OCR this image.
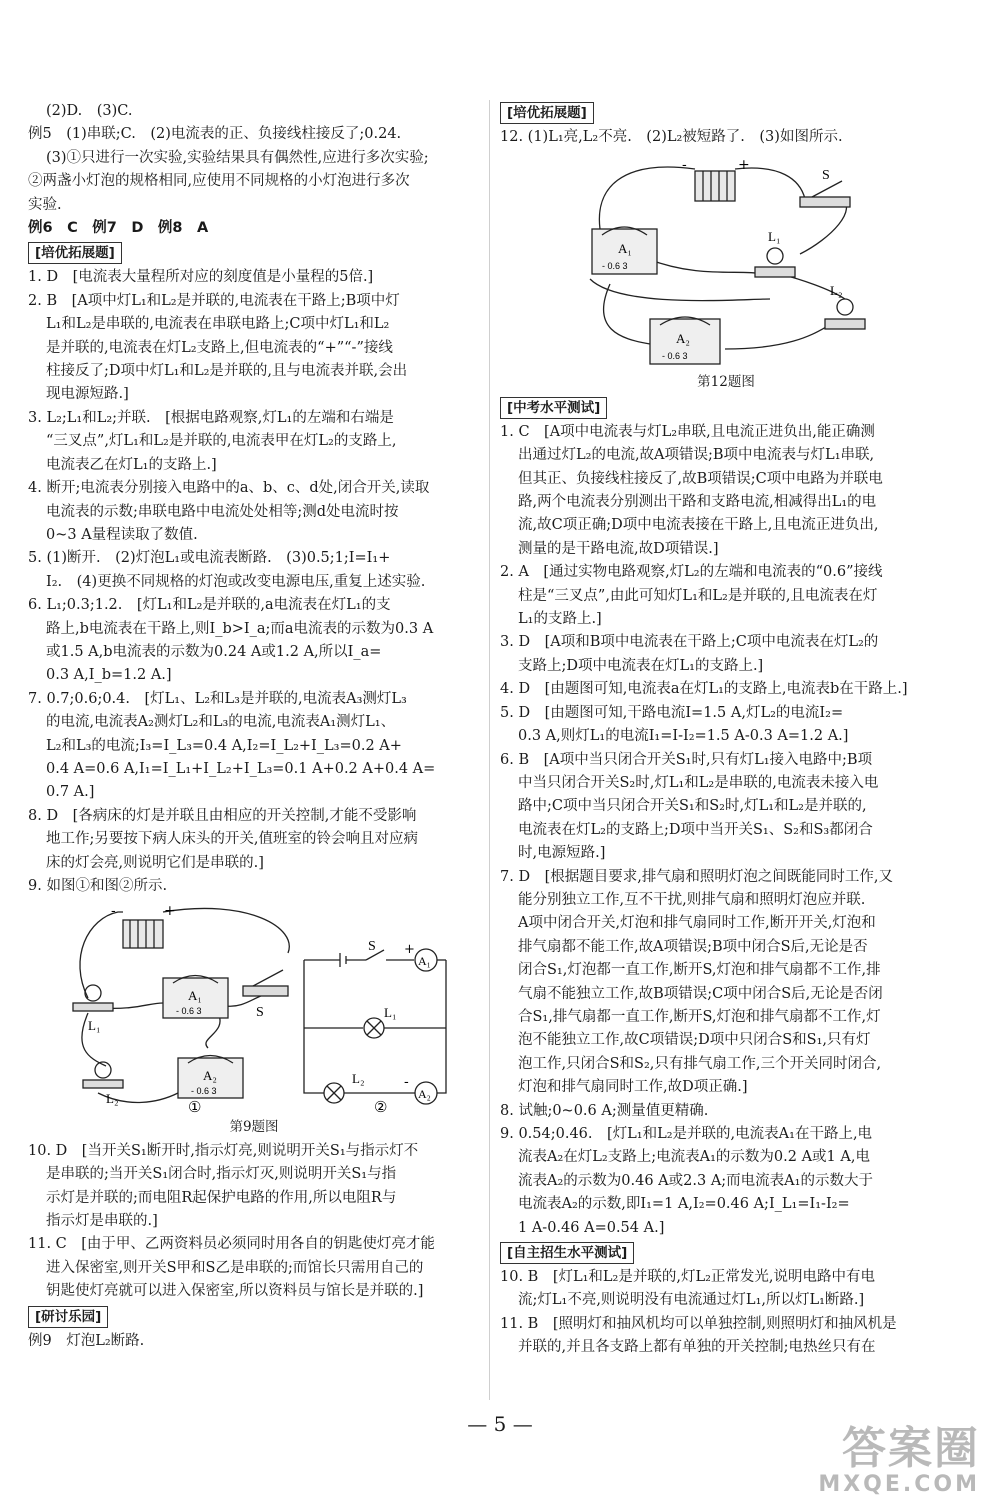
(2)D.　(3)C.
例5　(1)串联;C.　(2)电流表的正、负接线柱接反了;0.24.
(3)①只进行一次实验,实验结果具有偶然性,应进行多次实验;
②两盏小灯泡的规格相同,应使用不同规格的小灯泡进行多次
实验.
例6　C　例7　D　例8　A
[培优拓展题]
1. D　[电流表大量程所对应的刻度值是小量程的5倍.]
2. B　[A项中灯L₁和L₂是并联的,电流表在干路上;B项中灯
L₁和L₂是串联的,电流表在串联电路上;C项中灯L₁和L₂
是并联的,电流表在灯L₂支路上,但电流表的“+”“-”接线
柱接反了;D项中灯L₁和L₂是并联的,且与电流表并联,会出
现电源短路.]
3. L₂;L₁和L₂;并联.　[根据电路观察,灯L₁的左端和右端是
“三叉点”,灯L₁和L₂是并联的,电流表甲在灯L₂的支路上,
电流表乙在灯L₁的支路上.]
4. 断开;电流表分别接入电路中的a、b、c、d处,闭合开关,读取
电流表的示数;串联电路中电流处处相等;测d处电流时按
0~3 A量程读取了数值.
5. (1)断开.　(2)灯泡L₁或电流表断路.　(3)0.5;1;I=I₁+
I₂.　(4)更换不同规格的灯泡或改变电源电压,重复上述实验.
6. L₁;0.3;1.2.　[灯L₁和L₂是并联的,a电流表在灯L₁的支
路上,b电流表在干路上,则I_b>I_a;而a电流表的示数为0.3 A
或1.5 A,b电流表的示数为0.24 A或1.2 A,所以I_a=
0.3 A,I_b=1.2 A.]
7. 0.7;0.6;0.4.　[灯L₁、L₂和L₃是并联的,电流表A₃测灯L₃
的电流,电流表A₂测灯L₂和L₃的电流,电流表A₁测灯L₁、
L₂和L₃的电流;I₃=I_L₃=0.4 A,I₂=I_L₂+I_L₃=0.2 A+
0.4 A=0.6 A,I₁=I_L₁+I_L₂+I_L₃=0.1 A+0.2 A+0.4 A=
0.7 A.]
8. D　[各病床的灯是并联且由相应的开关控制,才能不受影响
地工作;另要按下病人床头的开关,值班室的铃会响且对应病
床的灯会亮,则说明它们是串联的.]
9. 如图①和图②所示.
-	+
A₁
- 0.6 3
A₂
- 0.6 3
L₁
L₂
S
S +
A₁
L₁
L₂	-
A₂
①	②
第9题图
10. D　[当开关S₁断开时,指示灯亮,则说明开关S₁与指示灯不
是串联的;当开关S₁闭合时,指示灯灭,则说明开关S₁与指
示灯是并联的;而电阻R起保护电路的作用,所以电阻R与
指示灯是串联的.]
11. C　[由于甲、乙两资料员必须同时用各自的钥匙使灯亮才能
进入保密室,则开关S甲和S乙是串联的;而馆长只需用自己的
钥匙使灯亮就可以进入保密室,所以资料员与馆长是并联的.]
[研讨乐园]
例9　灯泡L₂断路.
[培优拓展题]
12. (1)L₁亮,L₂不亮.　(2)L₂被短路了.　(3)如图所示.
-	+
S
A₁
- 0.6 3
A₂
- 0.6 3
L₁
L₂
第12题图
[中考水平测试]
1. C　[A项中电流表与灯L₂串联,且电流正进负出,能正确测
出通过灯L₂的电流,故A项错误;B项中电流表与灯L₁串联,
但其正、负接线柱接反了,故B项错误;C项中电路为并联电
路,两个电流表分别测出干路和支路电流,相减得出L₁的电
流,故C项正确;D项中电流表接在干路上,且电流正进负出,
测量的是干路电流,故D项错误.]
2. A　[通过实物电路观察,灯L₂的左端和电流表的“0.6”接线
柱是“三叉点”,由此可知灯L₁和L₂是并联的,且电流表在灯
L₁的支路上.]
3. D　[A项和B项中电流表在干路上;C项中电流表在灯L₂的
支路上;D项中电流表在灯L₁的支路上.]
4. D　[由题图可知,电流表a在灯L₁的支路上,电流表b在干路上.]
5. D　[由题图可知,干路电流I=1.5 A,灯L₂的电流I₂=
0.3 A,则灯L₁的电流I₁=I-I₂=1.5 A-0.3 A=1.2 A.]
6. B　[A项中当只闭合开关S₁时,只有灯L₁接入电路中;B项
中当只闭合开关S₂时,灯L₁和L₂是串联的,电流表未接入电
路中;C项中当只闭合开关S₁和S₂时,灯L₁和L₂是并联的,
电流表在灯L₂的支路上;D项中当开关S₁、S₂和S₃都闭合
时,电源短路.]
7. D　[根据题目要求,排气扇和照明灯泡之间既能同时工作,又
能分别独立工作,互不干扰,则排气扇和照明灯泡应并联.
A项中闭合开关,灯泡和排气扇同时工作,断开开关,灯泡和
排气扇都不能工作,故A项错误;B项中闭合S后,无论是否
闭合S₁,灯泡都一直工作,断开S,灯泡和排气扇都不工作,排
气扇不能独立工作,故B项错误;C项中闭合S后,无论是否闭
合S₁,排气扇都一直工作,断开S,灯泡和排气扇都不工作,灯
泡不能独立工作,故C项错误;D项中只闭合S和S₁,只有灯
泡工作,只闭合S和S₂,只有排气扇工作,三个开关同时闭合,
灯泡和排气扇同时工作,故D项正确.]
8. 试触;0~0.6 A;测量值更精确.
9. 0.54;0.46.　[灯L₁和L₂是并联的,电流表A₁在干路上,电
流表A₂在灯L₂支路上;电流表A₁的示数为0.2 A或1 A,电
流表A₂的示数为0.46 A或2.3 A;而电流表A₁的示数大于
电流表A₂的示数,即I₁=1 A,I₂=0.46 A;I_L₁=I₁-I₂=
1 A-0.46 A=0.54 A.]
[自主招生水平测试]
10. B　[灯L₁和L₂是并联的,灯L₂正常发光,说明电路中有电
流;灯L₁不亮,则说明没有电流通过灯L₁,所以灯L₁断路.]
11. B　[照明灯和抽风机均可以单独控制,则照明灯和抽风机是
并联的,并且各支路上都有单独的开关控制;电热丝只有在
— 5 —	答案圈
MXQE.COM
